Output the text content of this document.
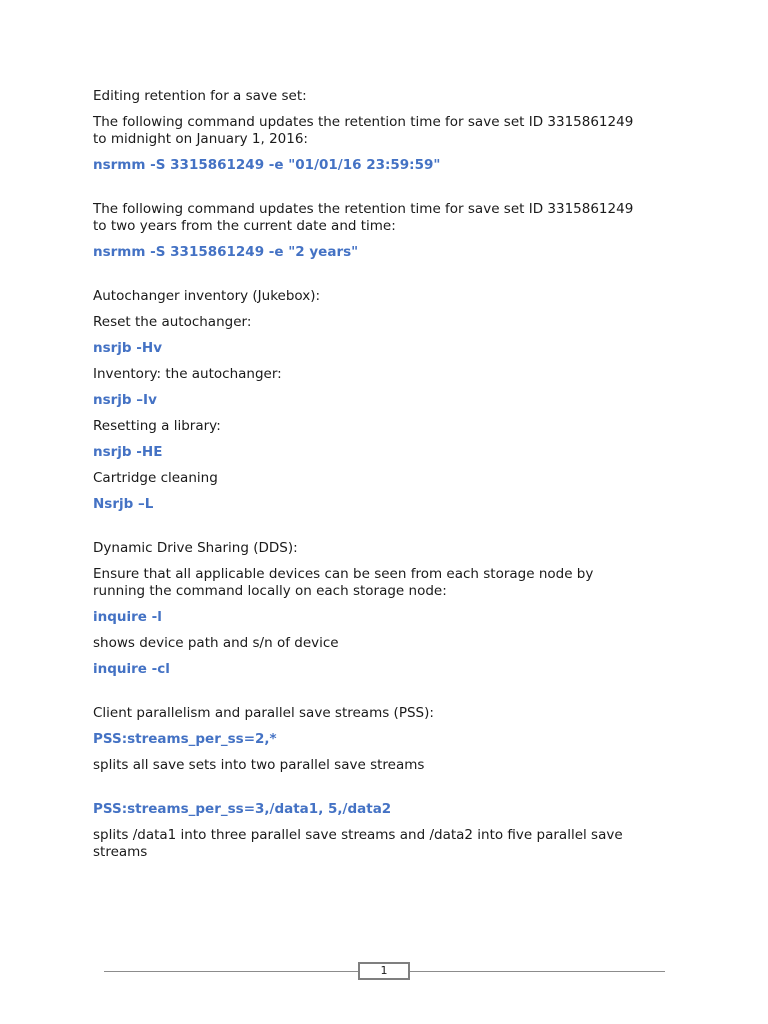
Editing retention for a save set:

The following command updates the retention time for save set ID 3315861249
to midnight on January 1, 2016:

nsrmm -S 3315861249 -e "01/01/16 23:59:59"

The following command updates the retention time for save set ID 3315861249
to two years from the current date and time:

nsrmm -S 3315861249 -e "2 years"

Autochanger inventory (Jukebox):

Reset the autochanger:

nsrjb -Hv

Inventory: the autochanger:

nsrjb –Iv

Resetting a library:

nsrjb -HE

Cartridge cleaning

Nsrjb –L

Dynamic Drive Sharing (DDS):

Ensure that all applicable devices can be seen from each storage node by
running the command locally on each storage node:

inquire -l

shows device path and s/n of device

inquire -cl

Client parallelism and parallel save streams (PSS):

PSS:streams_per_ss=2,*

splits all save sets into two parallel save streams

PSS:streams_per_ss=3,/data1, 5,/data2

splits /data1 into three parallel save streams and /data2 into five parallel save
streams

1
